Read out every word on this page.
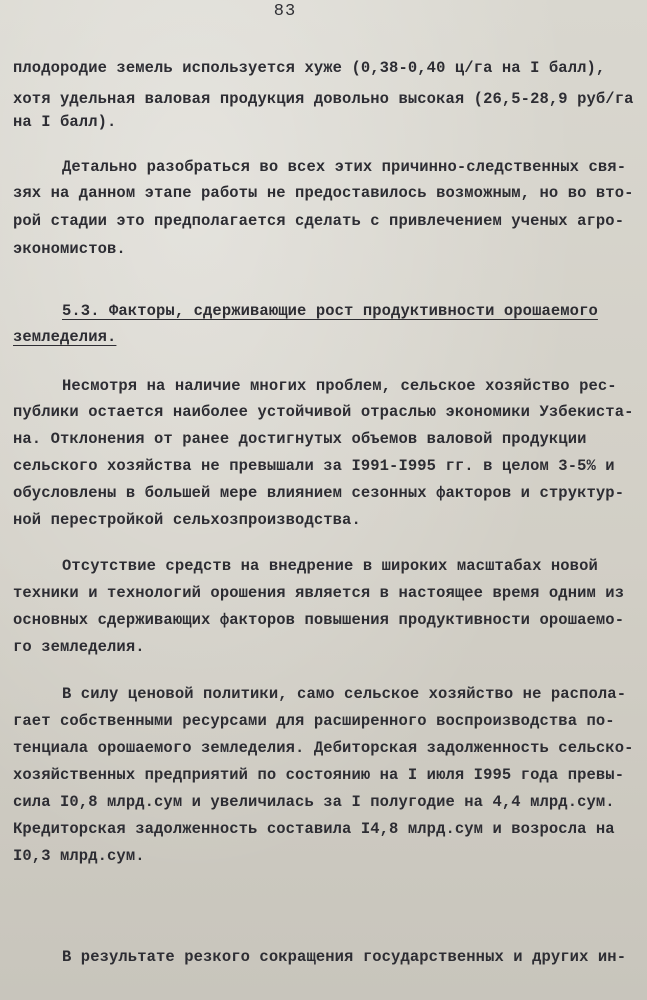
83
плодородие земель используется хуже (0,38-0,40 ц/га на I балл),
хотя удельная валовая продукция довольно высокая (26,5-28,9 руб/га
на I балл).
Детально разобраться во всех этих причинно-следственных свя-
зях на данном этапе работы не предоставилось возможным, но во вто-
рой стадии это предполагается сделать с привлечением ученых агро-
экономистов.
5.3. Факторы, сдерживающие рост продуктивности орошаемого
земледелия.
Несмотря на наличие многих проблем, сельское хозяйство рес-
публики остается наиболее устойчивой отраслью экономики Узбекиста-
на. Отклонения от ранее достигнутых объемов валовой продукции
сельского хозяйства не превышали за I991-I995 гг. в целом 3-5% и
обусловлены в большей мере влиянием сезонных факторов и структур-
ной перестройкой сельхозпроизводства.
Отсутствие средств на внедрение в широких масштабах новой
техники и технологий орошения является в настоящее время одним из
основных сдерживающих факторов повышения продуктивности орошаемо-
го земледелия.
В силу ценовой политики, само сельское хозяйство не распола-
гает собственными ресурсами для расширенного воспроизводства по-
тенциала орошаемого земледелия. Дебиторская задолженность сельско-
хозяйственных предприятий по состоянию на I июля I995 года превы-
сила I0,8 млрд.сум и увеличилась за I полугодие на 4,4 млрд.сум.
Кредиторская задолженность составила I4,8 млрд.сум и возросла на
I0,3 млрд.сум.
В результате резкого сокращения государственных и других ин-
